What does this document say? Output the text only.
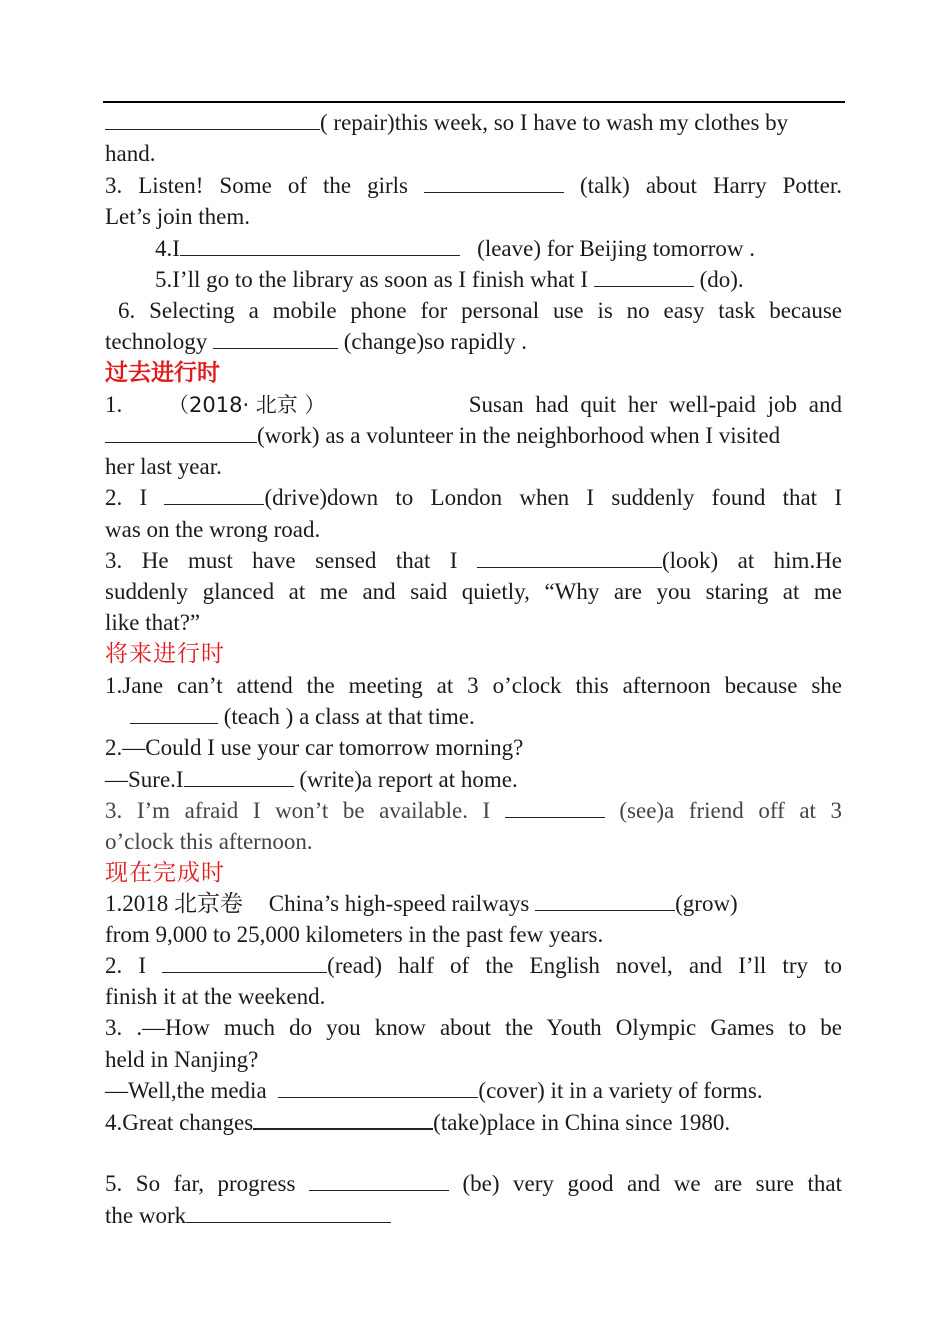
( repair)this week, so I have to wash my clothes by
hand.
3. Listen! Some of the girls	(talk) about Harry Potter.
Let’s join them.
4.I	(leave) for Beijing tomorrow .
5.I’ll go to the library as soon as I finish what I	(do).
6. Selecting a mobile phone for personal use is no easy task because
technology	(change)so rapidly .
过去进行时
1. （2018· 北京 ）	Susan had quit her well-paid job and
(work) as a volunteer in the neighborhood when I visited
her last year.
2. I	(drive)down to London when I suddenly found that I
was on the wrong road.
3. He must have sensed that I	(look) at him.He
suddenly glanced at me and said quietly, “Why are you staring at me
like that?”
将来进行时
1.Jane can’t attend the meeting at 3 o’clock this afternoon because she
(teach ) a class at that time.
2.—Could I use your car tomorrow morning?
—Sure.I	(write)a report at home.
3. I’m afraid I won’t be available. I	(see)a friend off at 3
o’clock this afternoon.
现在完成时
1.2018 北京卷 China’s high-speed railways	(grow)
from 9,000 to 25,000 kilometers in the past few years.
2. I	(read) half of the English novel, and I’ll try to
finish it at the weekend.
3. .—How much do you know about the Youth Olympic Games to be
held in Nanjing?
—Well,the media	(cover) it in a variety of forms.
4.Great changes	(take)place in China since 1980.
5. So far, progress	(be) very good and we are sure that
the work
